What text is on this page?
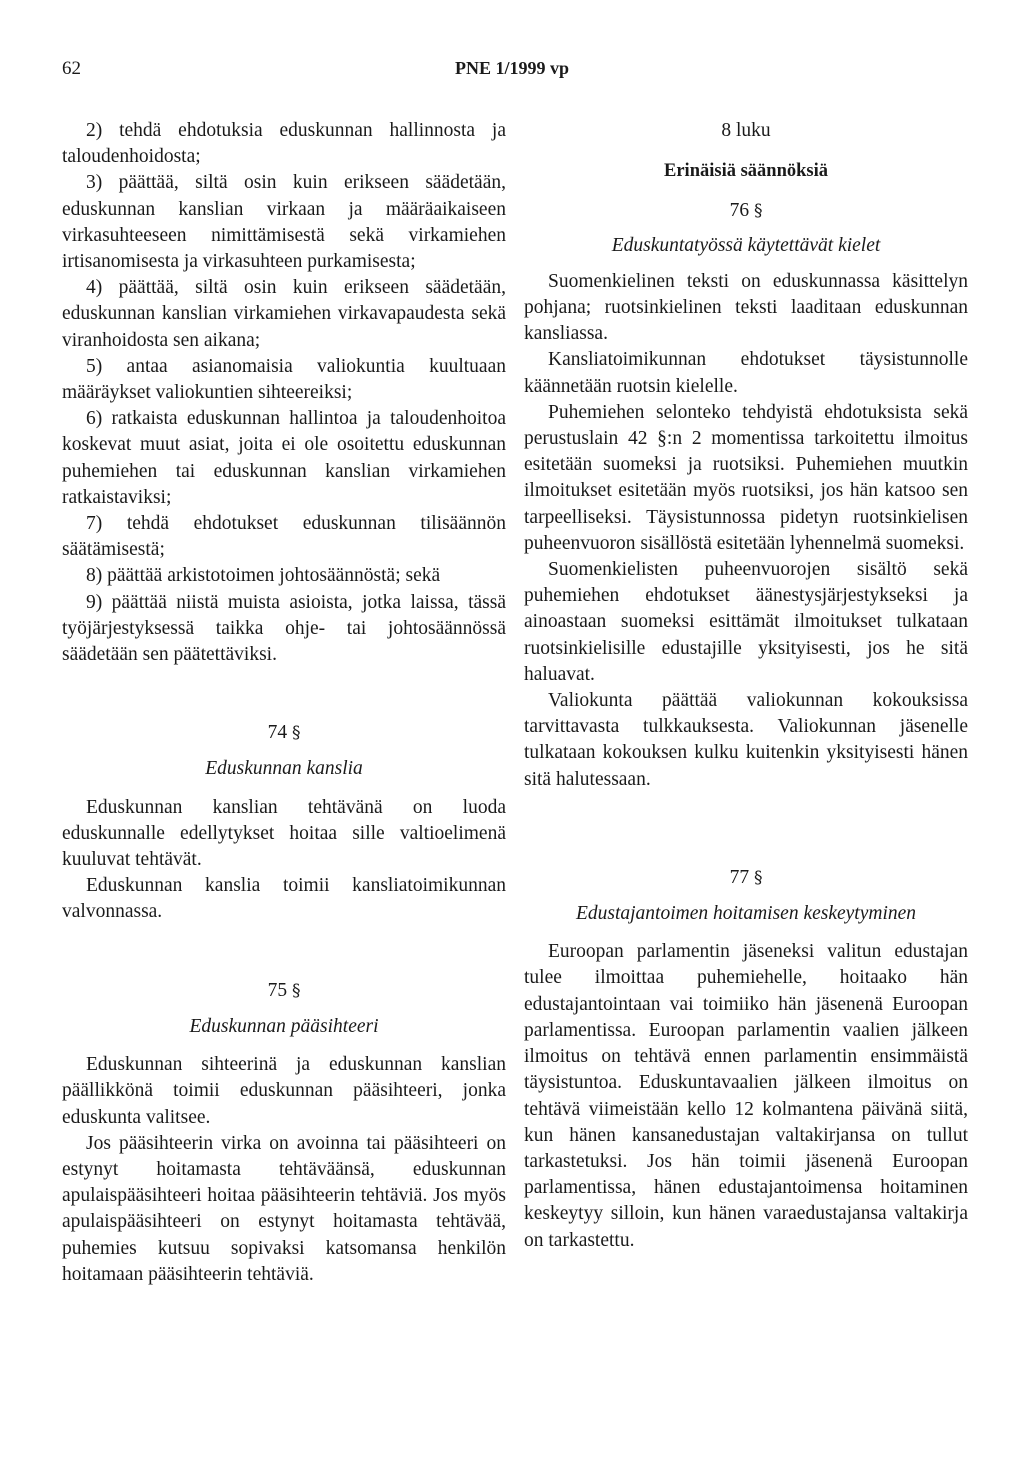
62	PNE 1/1999 vp
2) tehdä ehdotuksia eduskunnan hallinnosta ja taloudenhoidosta;
3) päättää, siltä osin kuin erikseen säädetään, eduskunnan kanslian virkaan ja määräaikaiseen virkasuhteeseen nimittämisestä sekä virkamiehen irtisanomisesta ja virkasuhteen purkamisesta;
4) päättää, siltä osin kuin erikseen säädetään, eduskunnan kanslian virkamiehen virkavapaudesta sekä viranhoidosta sen aikana;
5) antaa asianomaisia valiokuntia kuultuaan määräykset valiokuntien sihteereiksi;
6) ratkaista eduskunnan hallintoa ja taloudenhoitoa koskevat muut asiat, joita ei ole osoitettu eduskunnan puhemiehen tai eduskunnan kanslian virkamiehen ratkaistaviksi;
7) tehdä ehdotukset eduskunnan tilisäännön säätämisestä;
8) päättää arkistotoimen johtosäännöstä; sekä
9) päättää niistä muista asioista, jotka laissa, tässä työjärjestyksessä taikka ohje- tai johtosäännössä säädetään sen päätettäviksi.
74 §
Eduskunnan kanslia

Eduskunnan kanslian tehtävänä on luoda eduskunnalle edellytykset hoitaa sille valtioelimenä kuuluvat tehtävät.

Eduskunnan kanslia toimii kansliatoimikunnan valvonnassa.

75 §
Eduskunnan pääsihteeri

Eduskunnan sihteerinä ja eduskunnan kanslian päällikkönä toimii eduskunnan pääsihteeri, jonka eduskunta valitsee.

Jos pääsihteerin virka on avoinna tai pääsihteeri on estynyt hoitamasta tehtäväänsä, eduskunnan apulaispääsihteeri hoitaa pääsihteerin tehtäviä. Jos myös apulaispääsihteeri on estynyt hoitamasta tehtävää, puhemies kutsuu sopivaksi katsomansa henkilön hoitamaan pääsihteerin tehtäviä.

8 luku
Erinäisiä säännöksiä
76 §
Eduskuntatyössä käytettävät kielet

Suomenkielinen teksti on eduskunnassa käsittelyn pohjana; ruotsinkielinen teksti laaditaan eduskunnan kansliassa.

Kansliatoimikunnan ehdotukset täysistunnolle käännetään ruotsin kielelle.

Puhemiehen selonteko tehdyistä ehdotuksista sekä perustuslain 42 §:n 2 momentissa tarkoitettu ilmoitus esitetään suomeksi ja ruotsiksi. Puhemiehen muutkin ilmoitukset esitetään myös ruotsiksi, jos hän katsoo sen tarpeelliseksi. Täysistunnossa pidetyn ruotsinkielisen puheenvuoron sisällöstä esitetään lyhennelmä suomeksi.

Suomenkielisten puheenvuorojen sisältö sekä puhemiehen ehdotukset äänestysjärjestykseksi ja ainoastaan suomeksi esittämät ilmoitukset tulkataan ruotsinkielisille edustajille yksityisesti, jos he sitä haluavat.

Valiokunta päättää valiokunnan kokouksissa tarvittavasta tulkkauksesta. Valiokunnan jäsenelle tulkataan kokouksen kulku kuitenkin yksityisesti hänen sitä halutessaan.

77 §
Edustajantoimen hoitamisen keskeytyminen

Euroopan parlamentin jäseneksi valitun edustajan tulee ilmoittaa puhemiehelle, hoitaako hän edustajantointaan vai toimiiko hän jäsenenä Euroopan parlamentissa. Euroopan parlamentin vaalien jälkeen ilmoitus on tehtävä ennen parlamentin ensimmäistä täysistuntoa. Eduskuntavaalien jälkeen ilmoitus on tehtävä viimeistään kello 12 kolmantena päivänä siitä, kun hänen kansanedustajan valtakirjansa on tullut tarkastetuksi. Jos hän toimii jäsenenä Euroopan parlamentissa, hänen edustajantoimensa hoitaminen keskeytyy silloin, kun hänen varaedustajansa valtakirja on tarkastettu.
